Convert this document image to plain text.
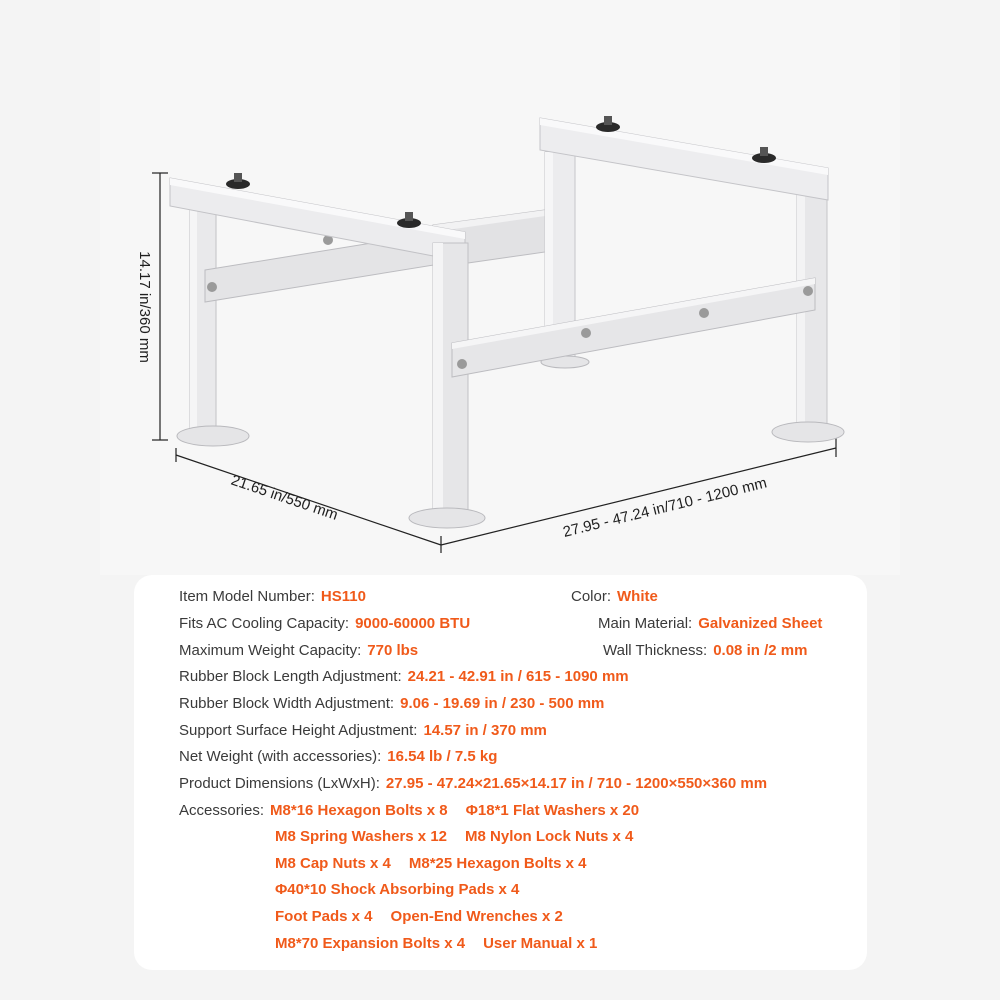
14.17 in/360 mm
21.65 in/550 mm	27.95 - 47.24 in/710 - 1200 mm
Item Model Number: HS110	Color: White
Fits AC Cooling Capacity: 9000-60000 BTU	Main Material: Galvanized Sheet
Maximum Weight Capacity: 770 lbs	Wall Thickness: 0.08 in /2 mm
Rubber Block Length Adjustment: 24.21 - 42.91 in / 615 - 1090 mm
Rubber Block Width Adjustment: 9.06 - 19.69 in / 230 - 500 mm
Support Surface Height Adjustment: 14.57 in / 370 mm
Net Weight (with accessories): 16.54 lb / 7.5 kg
Product Dimensions (LxWxH): 27.95 - 47.24×21.65×14.17 in / 710 - 1200×550×360 mm
Accessories: M8*16 Hexagon Bolts x 8 Φ18*1 Flat Washers x 20
M8 Spring Washers x 12 M8 Nylon Lock Nuts x 4
M8 Cap Nuts x 4 M8*25 Hexagon Bolts x 4
Φ40*10 Shock Absorbing Pads x 4
Foot Pads x 4 Open-End Wrenches x 2
M8*70 Expansion Bolts x 4 User Manual x 1
